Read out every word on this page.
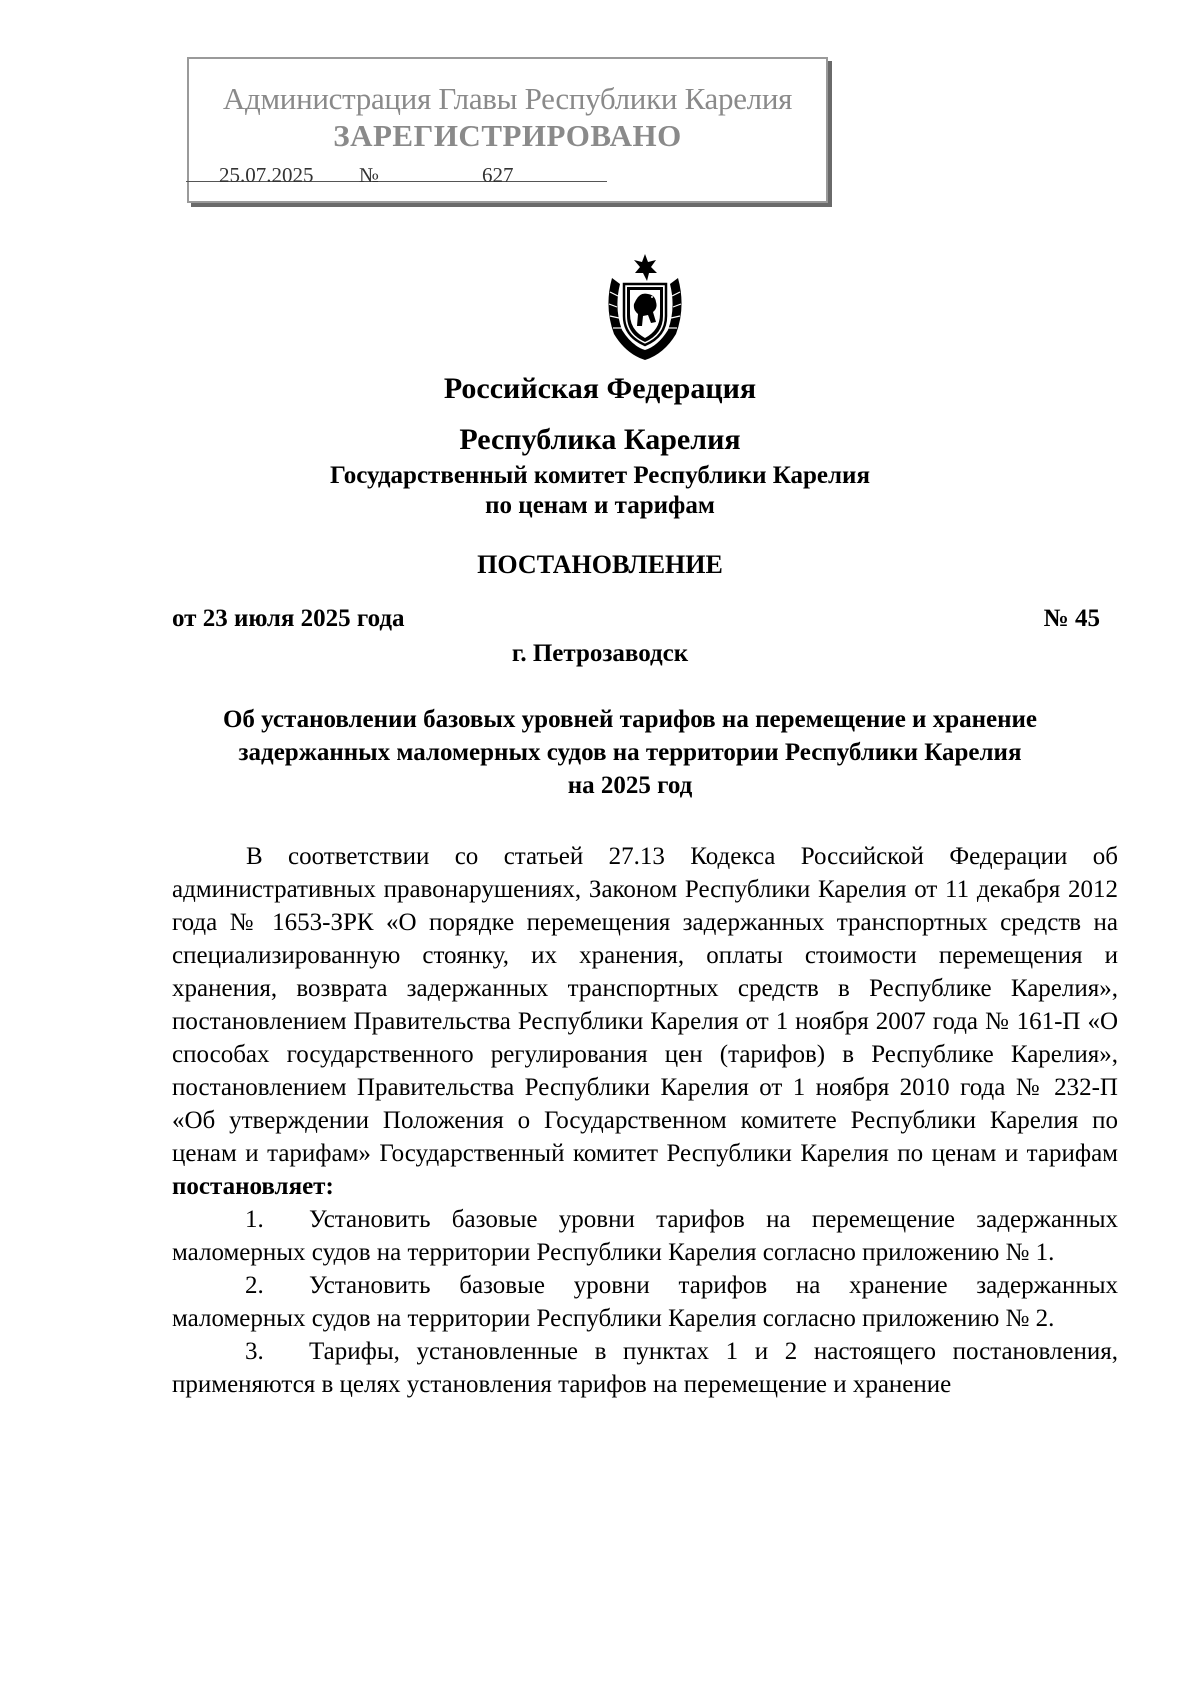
Администрация Главы Республики Карелия
ЗАРЕГИСТРИРОВАНО
25.07.2025 №	627
Российская Федерация
Республика Карелия
Государственный комитет Республики Карелия
по ценам и тарифам
ПОСТАНОВЛЕНИЕ
от 23 июля 2025 года	№ 45
г. Петрозаводск
Об установлении базовых уровней тарифов на перемещение и хранение
задержанных маломерных судов на территории Республики Карелия
на 2025 год

В соответствии со статьей 27.13 Кодекса Российской Федерации об административных правонарушениях, Законом Республики Карелия от 11 декабря 2012 года № 1653-ЗРК «О порядке перемещения задержанных транспортных средств на специализированную стоянку, их хранения, оплаты стоимости перемещения и хранения, возврата задержанных транспортных средств в Республике Карелия», постановлением Правительства Республики Карелия от 1 ноября 2007 года № 161-П «О способах государственного регулирования цен (тарифов) в Республике Карелия», постановлением Правительства Республики Карелия от 1 ноября 2010 года № 232-П «Об утверждении Положения о Государственном комитете Республики Карелия по ценам и тарифам» Государственный комитет Республики Карелия по ценам и тарифам постановляет:

1. Установить базовые уровни тарифов на перемещение задержанных маломерных судов на территории Республики Карелия согласно приложению № 1.

2. Установить базовые уровни тарифов на хранение задержанных маломерных судов на территории Республики Карелия согласно приложению № 2.

3. Тарифы, установленные в пунктах 1 и 2 настоящего постановления, применяются в целях установления тарифов на перемещение и хранение
